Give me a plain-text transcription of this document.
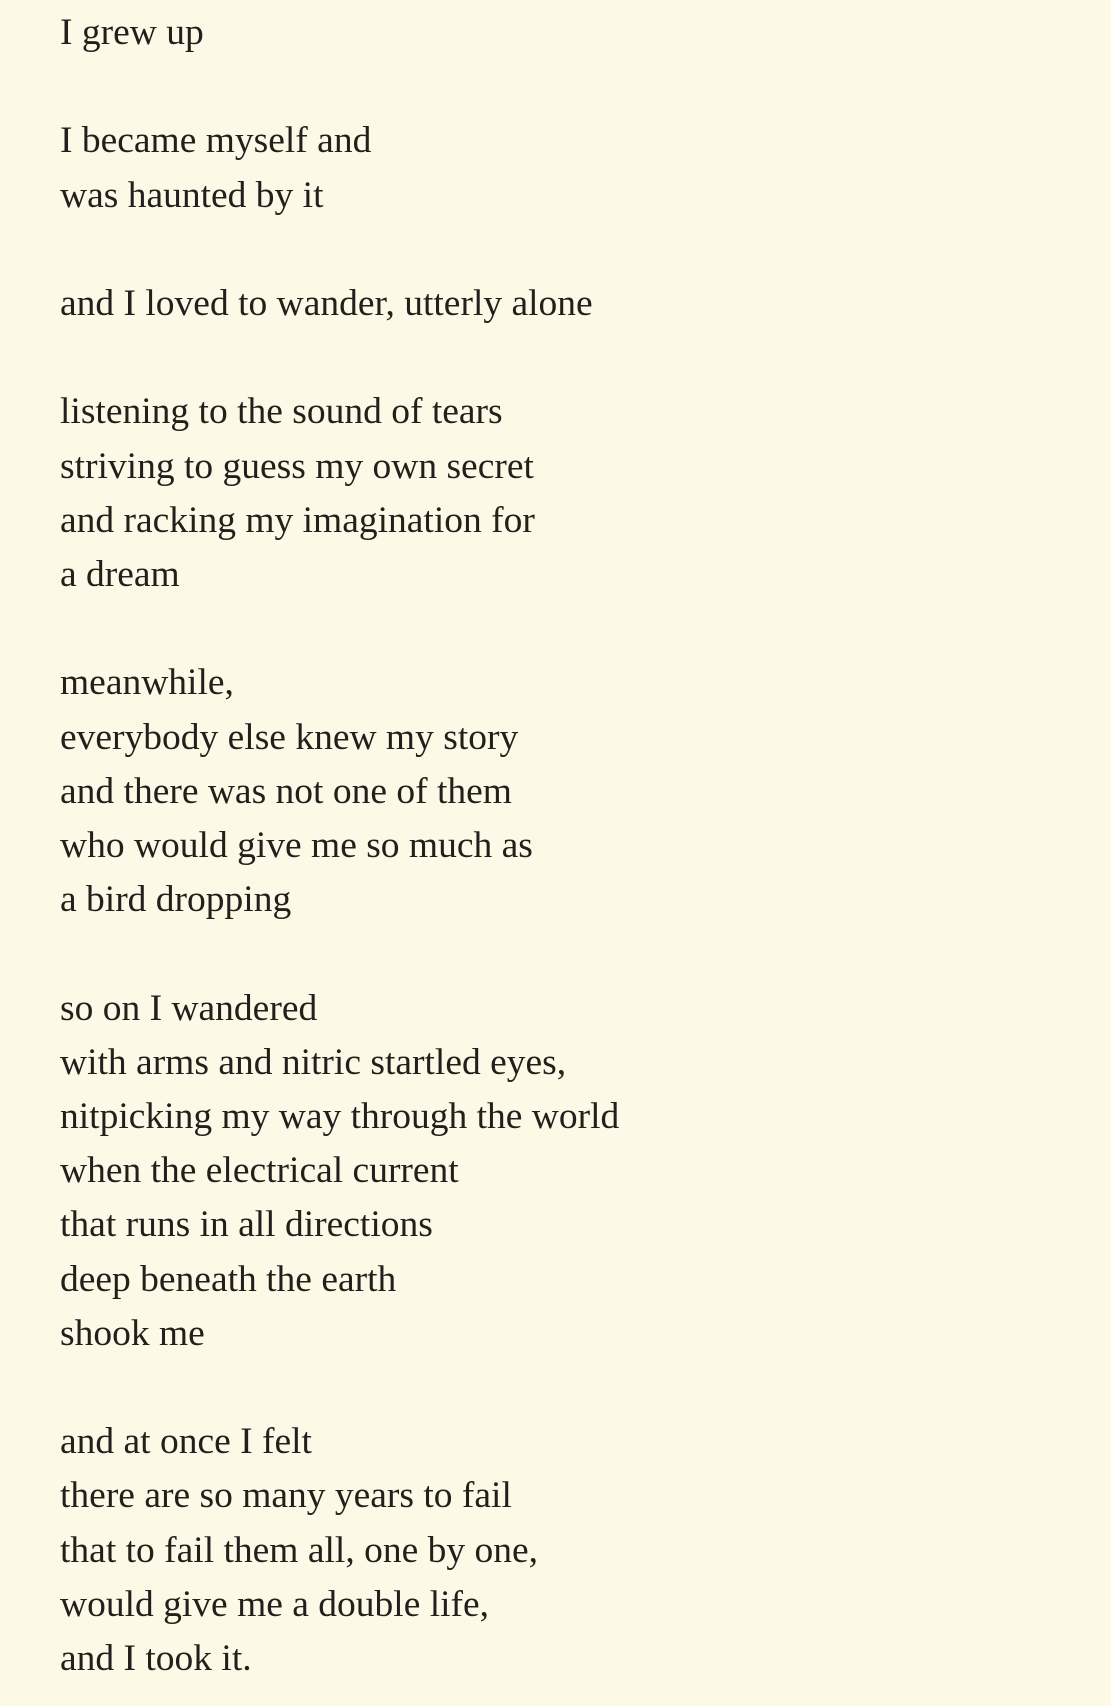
I grew up
I became myself and
was haunted by it
and I loved to wander, utterly alone
listening to the sound of tears
striving to guess my own secret
and racking my imagination for
a dream
meanwhile,
everybody else knew my story
and there was not one of them
who would give me so much as
a bird dropping
so on I wandered
with arms and nitric startled eyes,
nitpicking my way through the world
when the electrical current
that runs in all directions
deep beneath the earth
shook me
and at once I felt
there are so many years to fail
that to fail them all, one by one,
would give me a double life,
and I took it.
